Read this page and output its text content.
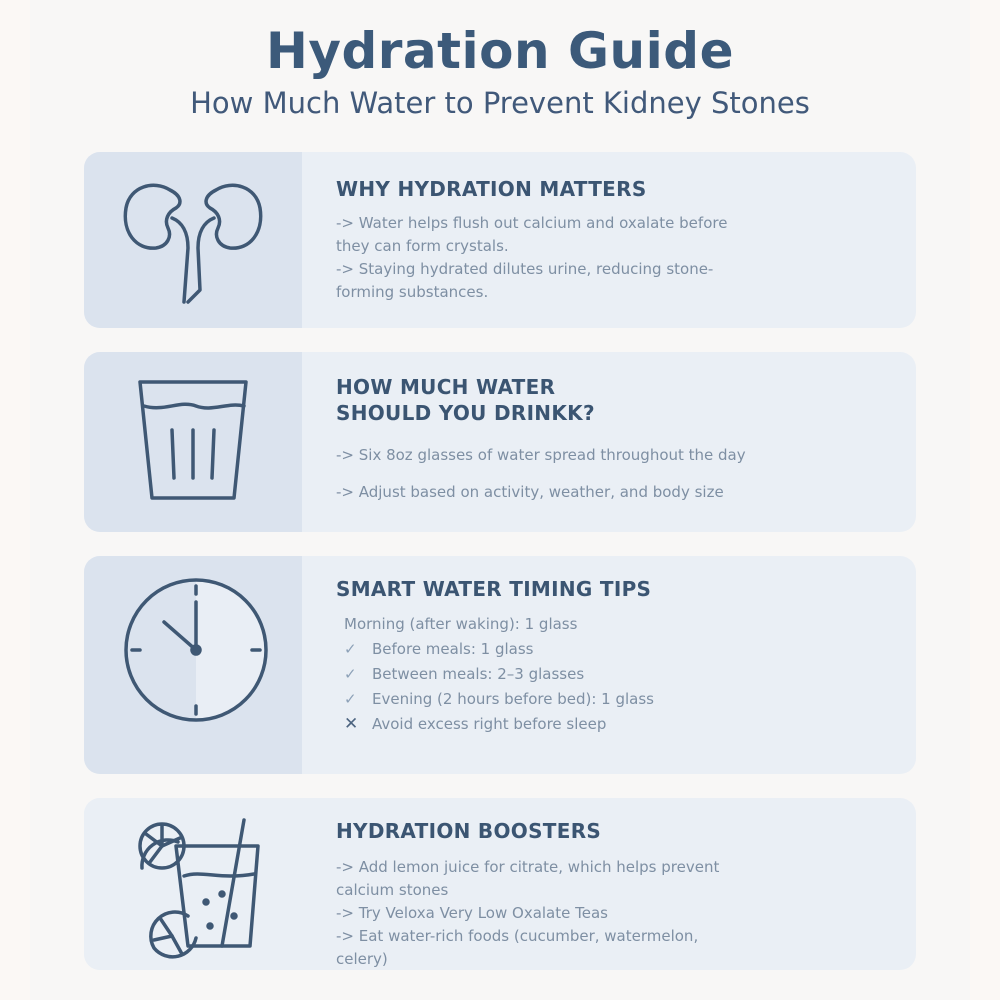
Hydration Guide
How Much Water to Prevent Kidney Stones
WHY HYDRATION MATTERS
-> Water helps flush out calcium and oxalate before
they can form crystals.
-> Staying hydrated dilutes urine, reducing stone-
forming substances.
HOW MUCH WATER
SHOULD YOU DRINKK?
-> Six 8oz glasses of water spread throughout the day
-> Adjust based on activity, weather, and body size
SMART WATER TIMING TIPS
Morning (after waking): 1 glass
✓	Before meals: 1 glass
✓	Between meals: 2–3 glasses
✓	Evening (2 hours before bed): 1 glass
✕ Avoid excess right before sleep
HYDRATION BOOSTERS
-> Add lemon juice for citrate, which helps prevent
calcium stones
-> Try Veloxa Very Low Oxalate Teas
-> Eat water-rich foods (cucumber, watermelon,
celery)
